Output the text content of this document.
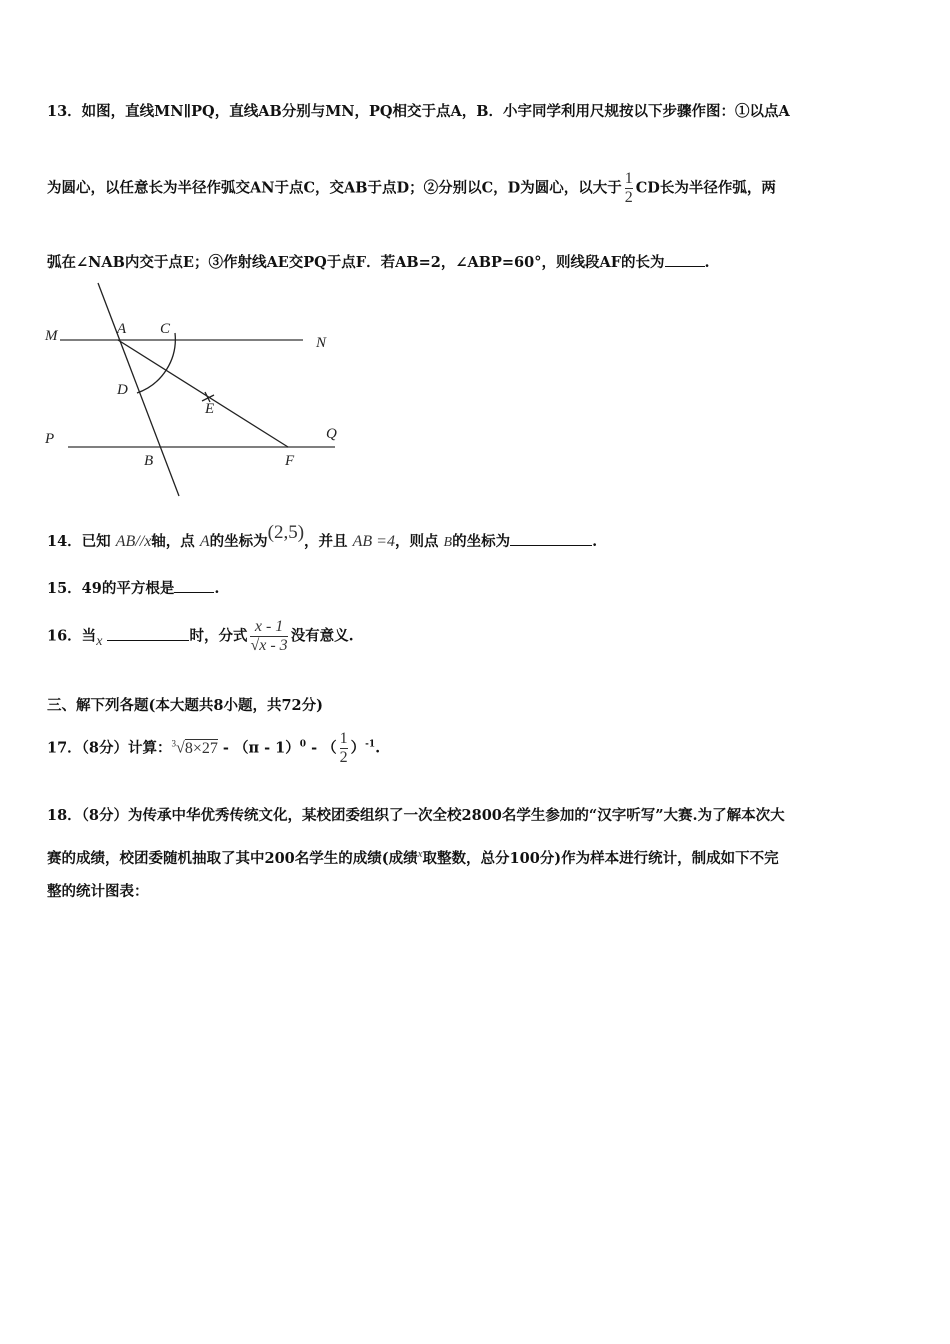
13．如图，直线MN∥PQ，直线AB分别与MN，PQ相交于点A，B．小宇同学利用尺规按以下步骤作图：①以点A
为圆心，以任意长为半径作弧交AN于点C，交AB于点D；②分别以C，D为圆心，以大于 $\frac{1}{2}$ CD长为半径作弧，两
弧在∠NAB内交于点E；③作射线AE交PQ于点F．若AB=2，∠ABP=60°，则线段AF的长为	.
M	A C
N
D
E
P	Q
B	F
14．已知 AB//x轴，点 A的坐标为(2,5)，并且 AB =4，则点 B的坐标为	.
15．49的平方根是	.
16．当x	时，分式 $\frac{x - 1}{√x - 3}$ 没有意义.
三、解下列各题(本大题共8小题，共72分)
17．（8分）计算：$^3$√8×27 - （π - 1）$^0$ - （ $\frac{1}{2} )^{-1}$.
18．（8分）为传承中华优秀传统文化，某校团委组织了一次全校2800名学生参加的“汉字听写”大赛.为了解本次大
赛的成绩，校团委随机抽取了其中200名学生的成绩(成绩$^x$取整数，总分100分)作为样本进行统计，制成如下不完
整的统计图表：
